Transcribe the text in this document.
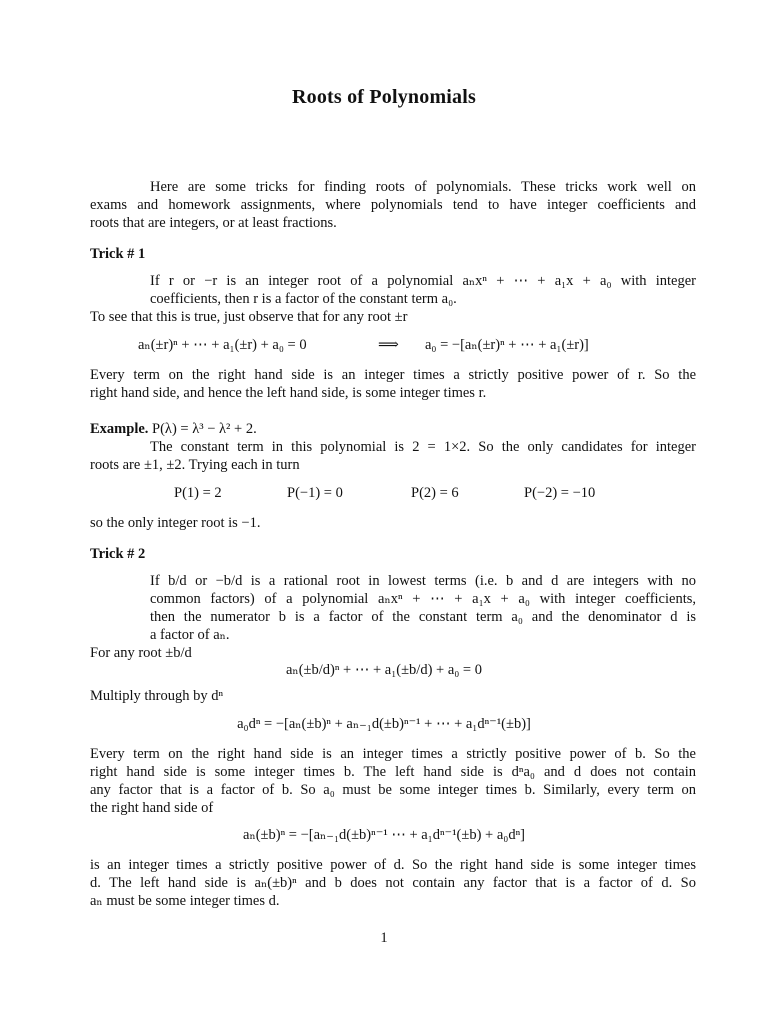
Roots of Polynomials
Here are some tricks for finding roots of polynomials. These tricks work well on
exams and homework assignments, where polynomials tend to have integer coefficients and
roots that are integers, or at least fractions.
Trick # 1
If r or −r is an integer root of a polynomial aₙxⁿ + ⋯ + a₁x + a₀ with integer
coefficients, then r is a factor of the constant term a₀.
To see that this is true, just observe that for any root ±r
aₙ(±r)ⁿ + ⋯ + a₁(±r) + a₀ = 0	⟹ a₀ = −[aₙ(±r)ⁿ + ⋯ + a₁(±r)]
Every term on the right hand side is an integer times a strictly positive power of r. So the
right hand side, and hence the left hand side, is some integer times r.
Example. P(λ) = λ³ − λ² + 2.
The constant term in this polynomial is 2 = 1×2. So the only candidates for integer
roots are ±1, ±2. Trying each in turn
P(1) = 2	P(−1) = 0	P(2) = 6	P(−2) = −10
so the only integer root is −1.
Trick # 2
If b/d or −b/d is a rational root in lowest terms (i.e. b and d are integers with no
common factors) of a polynomial aₙxⁿ + ⋯ + a₁x + a₀ with integer coefficients,
then the numerator b is a factor of the constant term a₀ and the denominator d is
a factor of aₙ.
For any root ±b/d
aₙ(±b/d)ⁿ + ⋯ + a₁(±b/d) + a₀ = 0
Multiply through by dⁿ
a₀dⁿ = −[aₙ(±b)ⁿ + aₙ₋₁d(±b)ⁿ⁻¹ + ⋯ + a₁dⁿ⁻¹(±b)]
Every term on the right hand side is an integer times a strictly positive power of b. So the
right hand side is some integer times b. The left hand side is dⁿa₀ and d does not contain
any factor that is a factor of b. So a₀ must be some integer times b. Similarly, every term on
the right hand side of
aₙ(±b)ⁿ = −[aₙ₋₁d(±b)ⁿ⁻¹ ⋯ + a₁dⁿ⁻¹(±b) + a₀dⁿ]
is an integer times a strictly positive power of d. So the right hand side is some integer times
d. The left hand side is aₙ(±b)ⁿ and b does not contain any factor that is a factor of d. So
aₙ must be some integer times d.
1
